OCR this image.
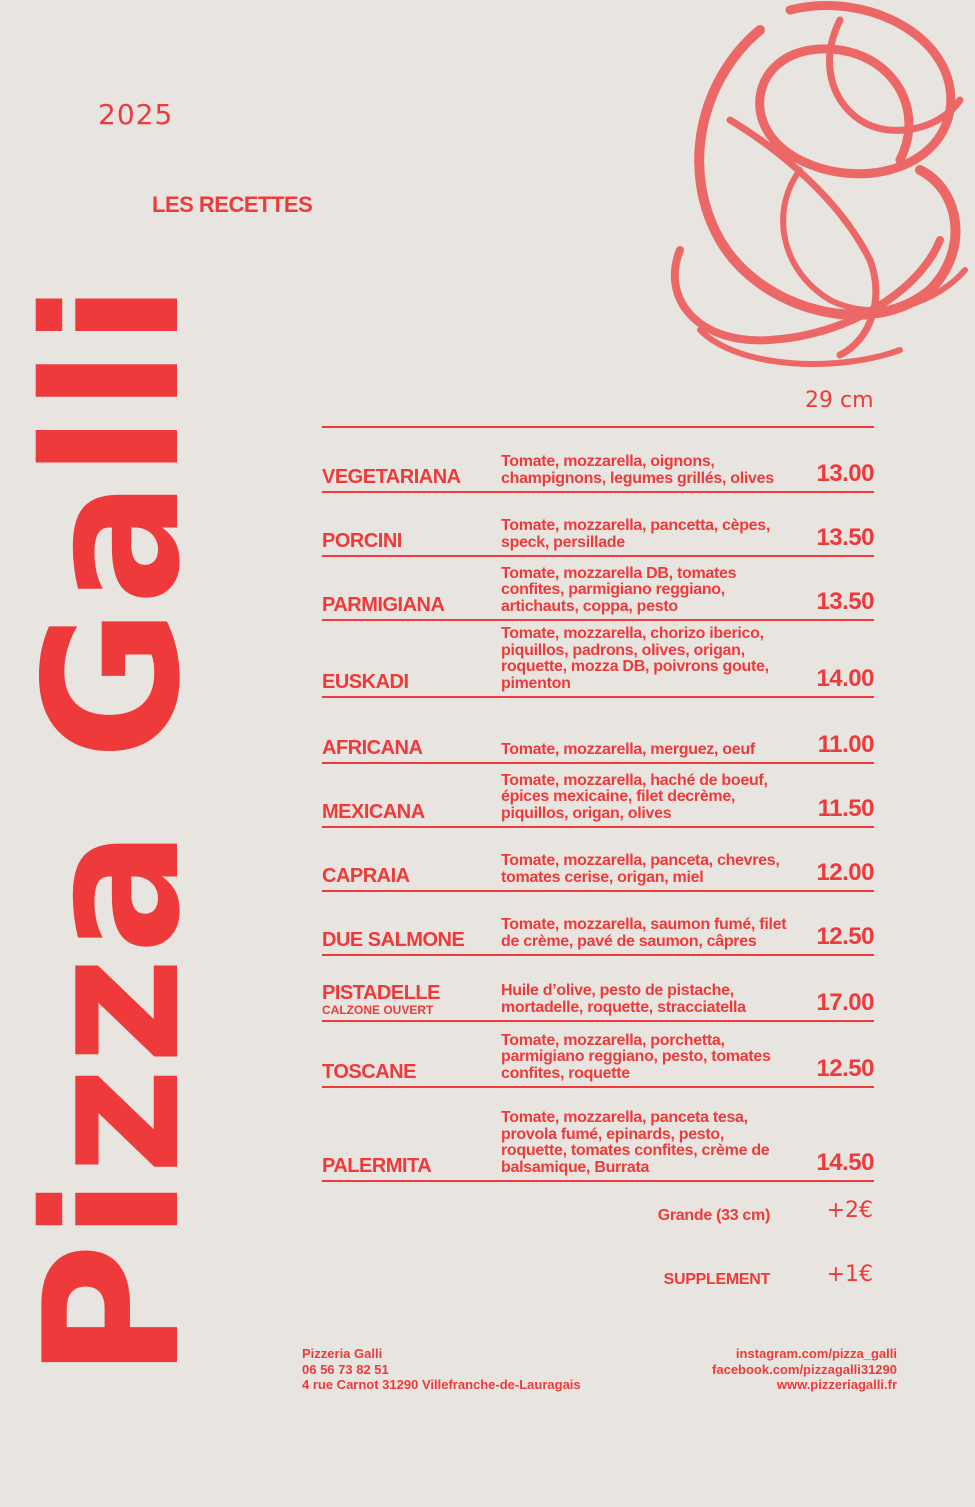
2025
LES RECETTES
Pizza Galli	29 cm
VEGETARIANA
Tomate, mozzarella, oignons, champignons, legumes grillés, olives	13.00
PORCINI
Tomate, mozzarella, pancetta, cèpes, speck, persillade	13.50
PARMIGIANA
Tomate, mozzarella DB, tomates confites, parmigiano reggiano, artichauts, coppa, pesto	13.50
EUSKADI
Tomate, mozzarella, chorizo iberico, piquillos, padrons, olives, origan, roquette, mozza DB, poivrons goute, pimenton	14.00
AFRICANA	Tomate, mozzarella, merguez, oeuf	11.00
MEXICANA
Tomate, mozzarella, haché de boeuf, épices mexicaine, filet decrème, piquillos, origan, olives	11.50
CAPRAIA
Tomate, mozzarella, panceta, chevres, tomates cerise, origan, miel	12.00
DUE SALMONE
Tomate, mozzarella, saumon fumé, filet de crème, pavé de saumon, câpres	12.50
PISTADELLE
CALZONE OUVERT
Huile d’olive, pesto de pistache, mortadelle, roquette, stracciatella	17.00
TOSCANE
Tomate, mozzarella, porchetta, parmigiano reggiano, pesto, tomates confites, roquette	12.50
PALERMITA
Tomate, mozzarella, panceta tesa, provola fumé, epinards, pesto, roquette, tomates confites, crème de balsamique, Burrata	14.50
Grande (33 cm)	+2€
SUPPLEMENT	+1€
Pizzeria Galli
06 56 73 82 51
4 rue Carnot 31290 Villefranche-de-Lauragais
instagram.com/pizza_galli
facebook.com/pizzagalli31290
www.pizzeriagalli.fr
